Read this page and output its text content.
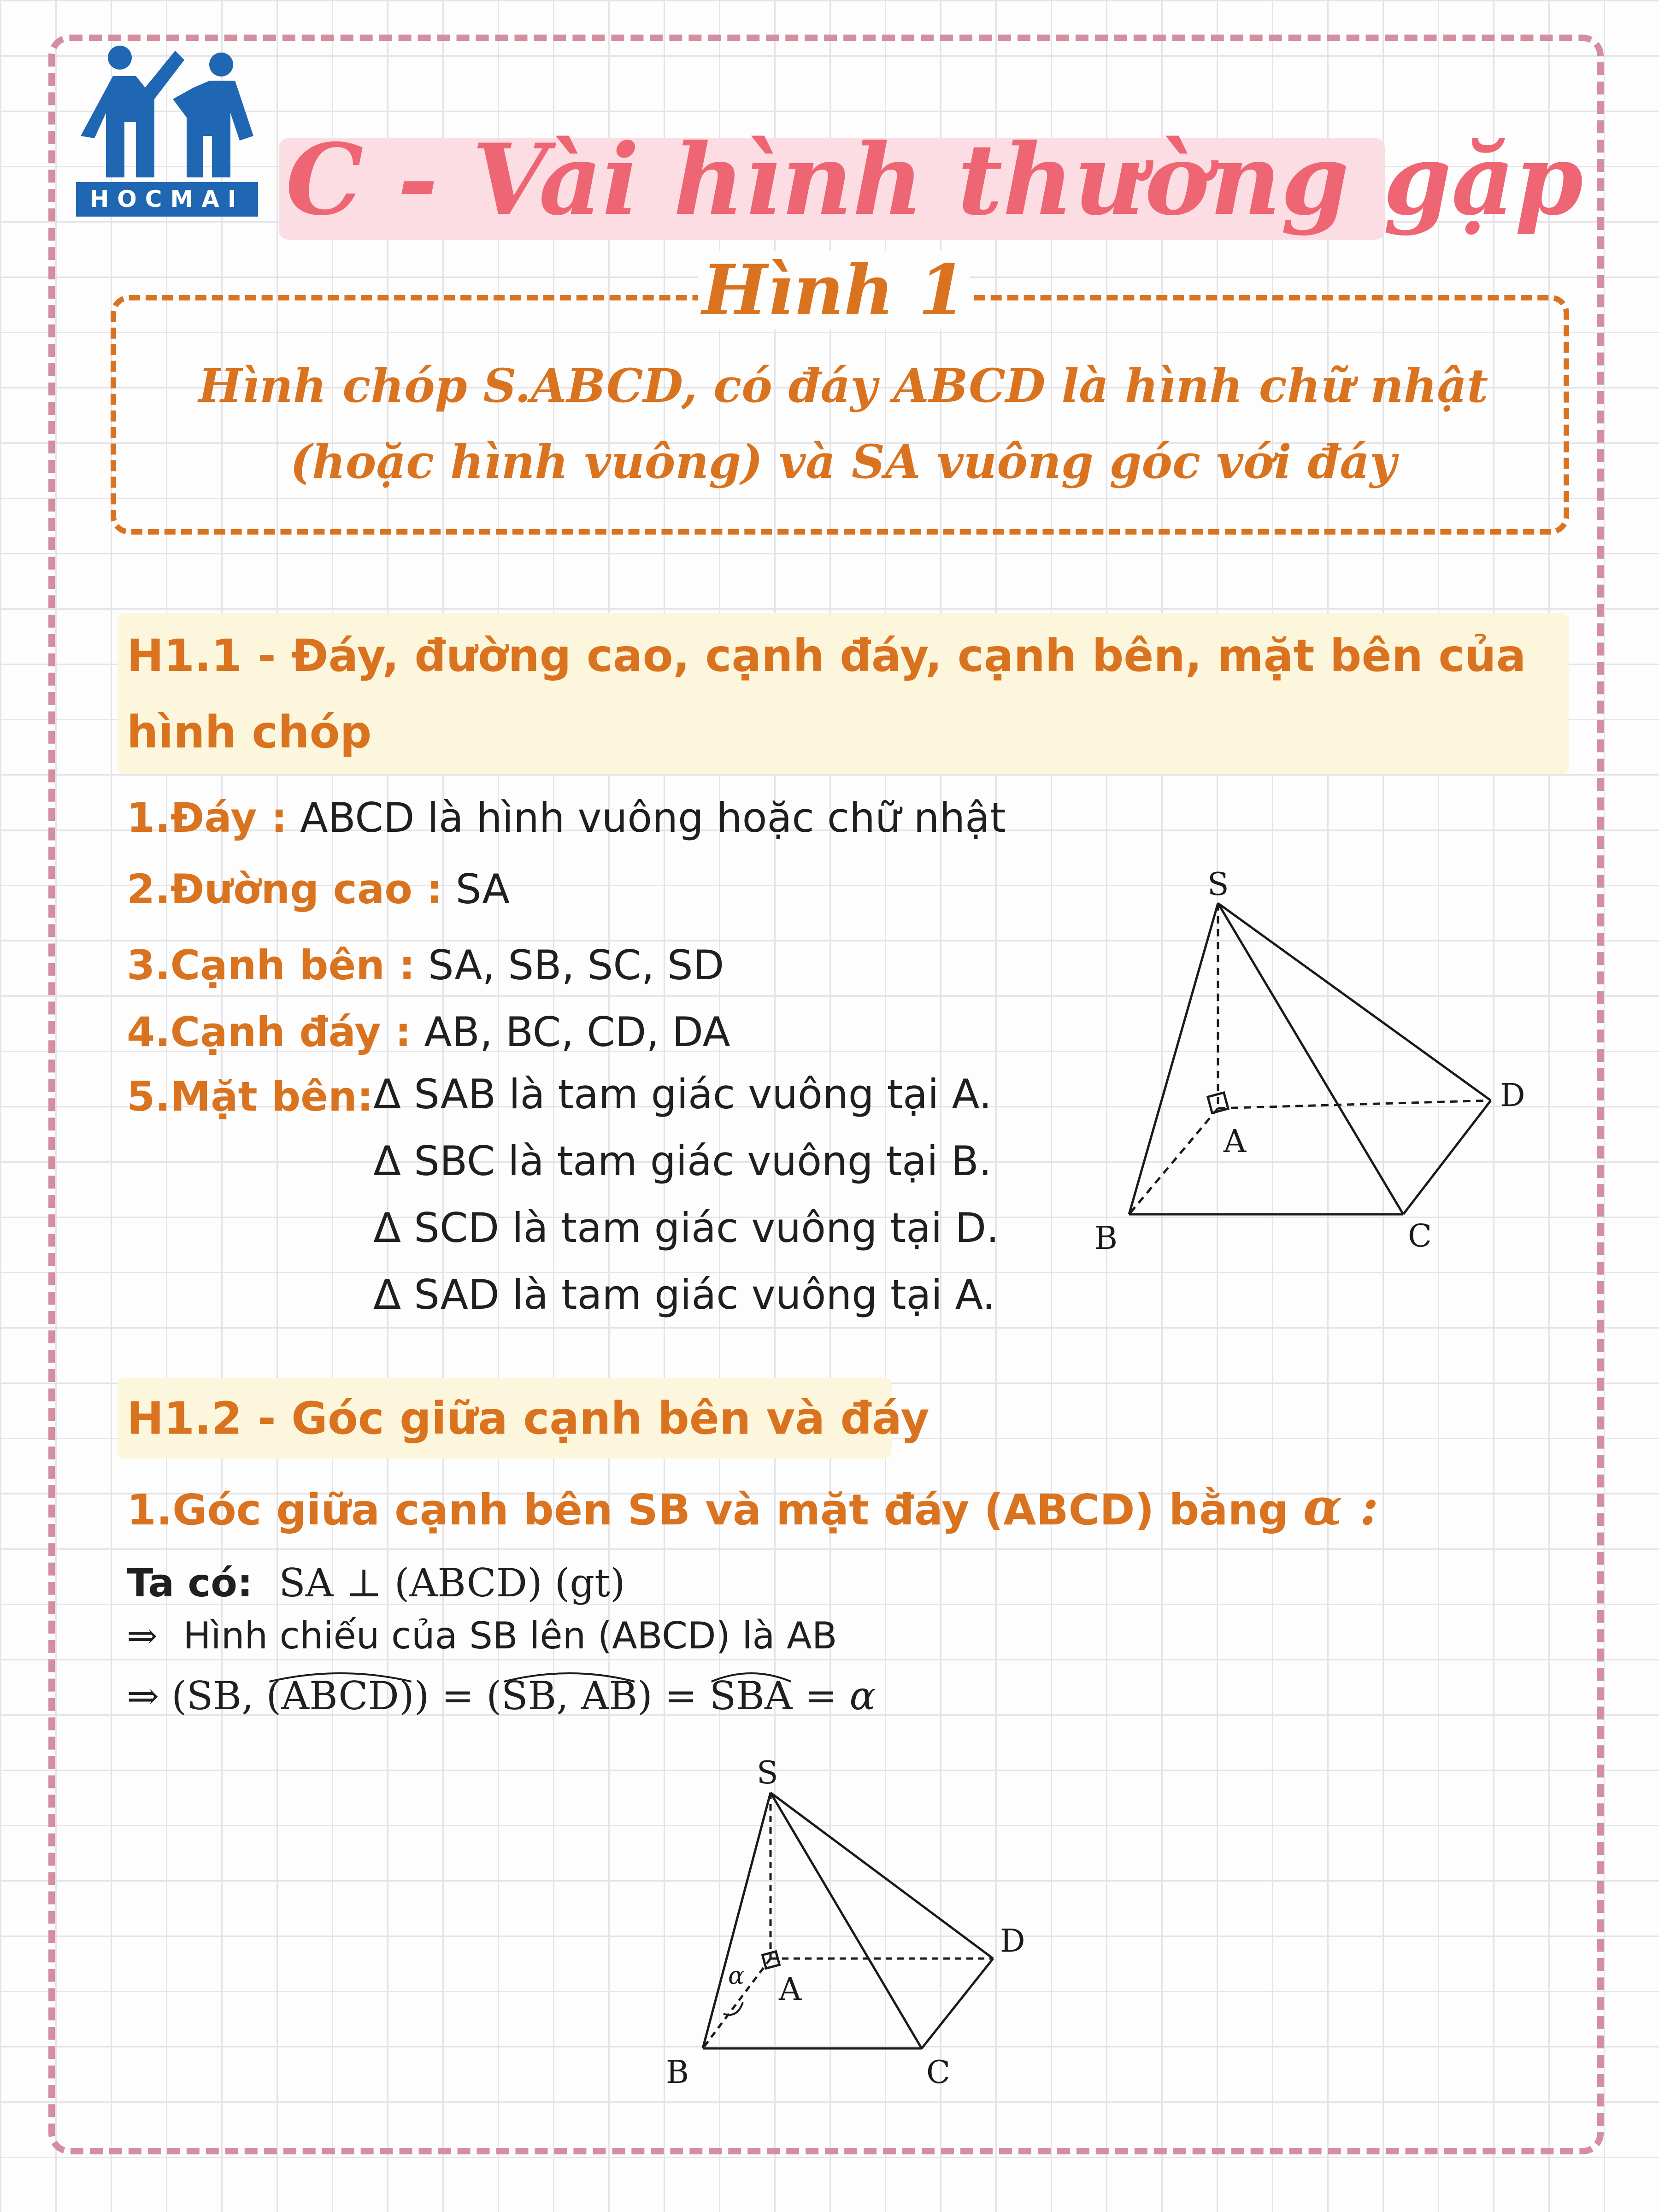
HOCMAI C - Vài hình thường gặp
Hình 1
Hình chóp S.ABCD, có đáy ABCD là hình chữ nhật (hoặc hình vuông) và SA vuông góc với đáy
H1.1 - Đáy, đường cao, cạnh đáy, cạnh bên, mặt bên của hình chóp
1.Đáy : ABCD là hình vuông hoặc chữ nhật
2.Đường cao : SA
3.Cạnh bên : SA, SB, SC, SD
4.Cạnh đáy : AB, BC, CD, DA
5.Mặt bên: Δ SAB là tam giác vuông tại A.
Δ SBC là tam giác vuông tại B.
Δ SCD là tam giác vuông tại D.
Δ SAD là tam giác vuông tại A.
S
A
D
B	C
H1.2 - Góc giữa cạnh bên và đáy
1.Góc giữa cạnh bên SB và mặt đáy (ABCD) bằng α :
Ta có: SA ⊥ (ABCD) (gt)
⇒ Hình chiếu của SB lên (ABCD) là AB
⇒ (SB, (ABCD)) = (
SB, AB) = SBA = α
S
A
D
B	C
α
